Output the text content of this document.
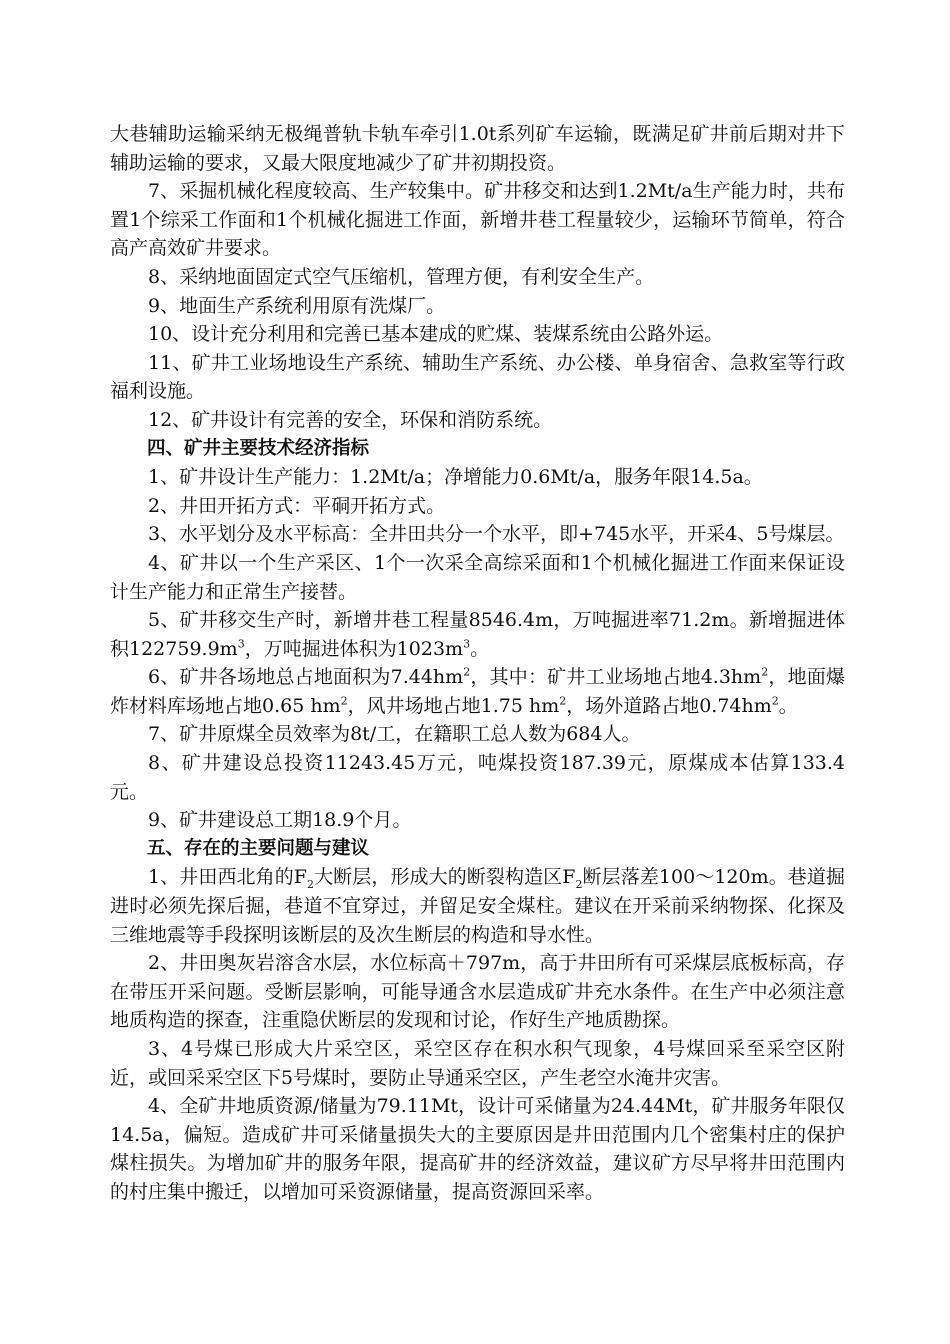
大巷辅助运输采纳无极绳普轨卡轨车牵引1.0t系列矿车运输，既满足矿井前后期对井下辅助运输的要求，又最大限度地减少了矿井初期投资。

7、采掘机械化程度较高、生产较集中。矿井移交和达到1.2Mt/a生产能力时，共布置1个综采工作面和1个机械化掘进工作面，新增井巷工程量较少，运输环节简单，符合高产高效矿井要求。

8、采纳地面固定式空气压缩机，管理方便，有利安全生产。

9、地面生产系统利用原有洗煤厂。

10、设计充分利用和完善已基本建成的贮煤、装煤系统由公路外运。

11、矿井工业场地设生产系统、辅助生产系统、办公楼、单身宿舍、急救室等行政福利设施。

12、矿井设计有完善的安全，环保和消防系统。

四、矿井主要技术经济指标

1、矿井设计生产能力：1.2Mt/a；净增能力0.6Mt/a，服务年限14.5a。

2、井田开拓方式：平硐开拓方式。

3、水平划分及水平标高：全井田共分一个水平，即+745水平，开采4、5号煤层。

4、矿井以一个生产采区、1个一次采全高综采面和1个机械化掘进工作面来保证设计生产能力和正常生产接替。

5、矿井移交生产时，新增井巷工程量8546.4m，万吨掘进率71.2m。新增掘进体积$122759.9m^3$，万吨掘进体积为$1023m^3$。

6、矿井各场地总占地面积为$7.44hm^2$，其中：矿井工业场地占地$4.3hm^2$，地面爆炸材料库场地占地0.65 $hm^2$，风井场地占地1.75 $hm^2$，场外道路占地$0.74hm^2$。

7、矿井原煤全员效率为8t/工，在籍职工总人数为684人。

8、矿井建设总投资11243.45万元，吨煤投资187.39元，原煤成本估算133.4元。

9、矿井建设总工期18.9个月。

五、存在的主要问题与建议

1、井田西北角的$F_2$大断层，形成大的断裂构造区$F_2$断层落差100～120m。巷道掘进时必须先探后掘，巷道不宜穿过，并留足安全煤柱。建议在开采前采纳物探、化探及三维地震等手段探明该断层的及次生断层的构造和导水性。

2、井田奥灰岩溶含水层，水位标高＋797m，高于井田所有可采煤层底板标高，存在带压开采问题。受断层影响，可能导通含水层造成矿井充水条件。在生产中必须注意地质构造的探查，注重隐伏断层的发现和讨论，作好生产地质勘探。

3、4号煤已形成大片采空区，采空区存在积水积气现象，4号煤回采至采空区附近，或回采采空区下5号煤时，要防止导通采空区，产生老空水淹井灾害。

4、全矿井地质资源/储量为79.11Mt，设计可采储量为24.44Mt，矿井服务年限仅14.5a，偏短。造成矿井可采储量损失大的主要原因是井田范围内几个密集村庄的保护煤柱损失。为增加矿井的服务年限，提高矿井的经济效益，建议矿方尽早将井田范围内的村庄集中搬迁，以增加可采资源储量，提高资源回采率。
